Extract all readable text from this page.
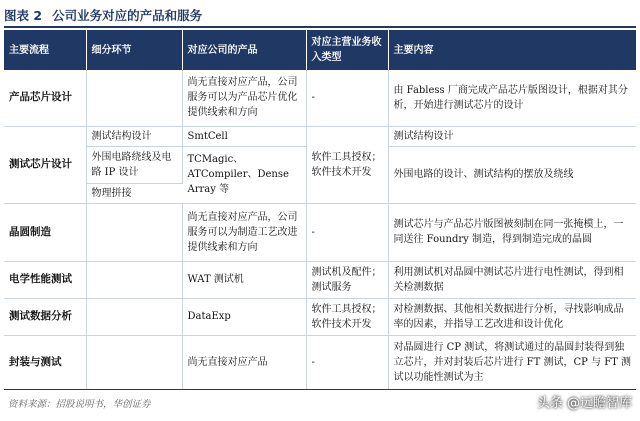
图表 2 公司业务对应的产品和服务
主要流程	细分环节	对应公司的产品	对应主营业务收入类型	主要内容
产品芯片设计		尚无直接对应产品，公司服务可以为产品芯片优化提供线索和方向	-	由 Fabless 厂商完成产品芯片版图设计，根据对其分析，开始进行测试芯片的设计
测试芯片设计	测试结构设计	SmtCell	软件工具授权；软件技术开发	测试结构设计
	外围电路绕线及电路 IP 设计	TCMagic、ATCompiler、Dense Array 等		外围电路的设计、测试结构的摆放及绕线
	物理拼接			
晶圆制造		尚无直接对应产品，公司服务可以为制造工艺改进提供线索和方向	-	测试芯片与产品芯片版图被刻制在同一张掩模上，一同送往 Foundry 制造，得到制造完成的晶圆
电学性能测试		WAT 测试机	测试机及配件；测试服务	利用测试机对晶圆中测试芯片进行电性测试，得到相关检测数据
测试数据分析		DataExp	软件工具授权；软件技术开发	对检测数据、其他相关数据进行分析，寻找影响成品率的因素，并指导工艺改进和设计优化
封装与测试		尚无直接对应产品	-	对晶圆进行 CP 测试，将测试通过的晶圆封装得到独立芯片，并对封装后芯片进行 FT 测试，CP 与 FT 测试以功能性测试为主
资料来源：招股说明书，华创证券	头条 @远瞻智库
